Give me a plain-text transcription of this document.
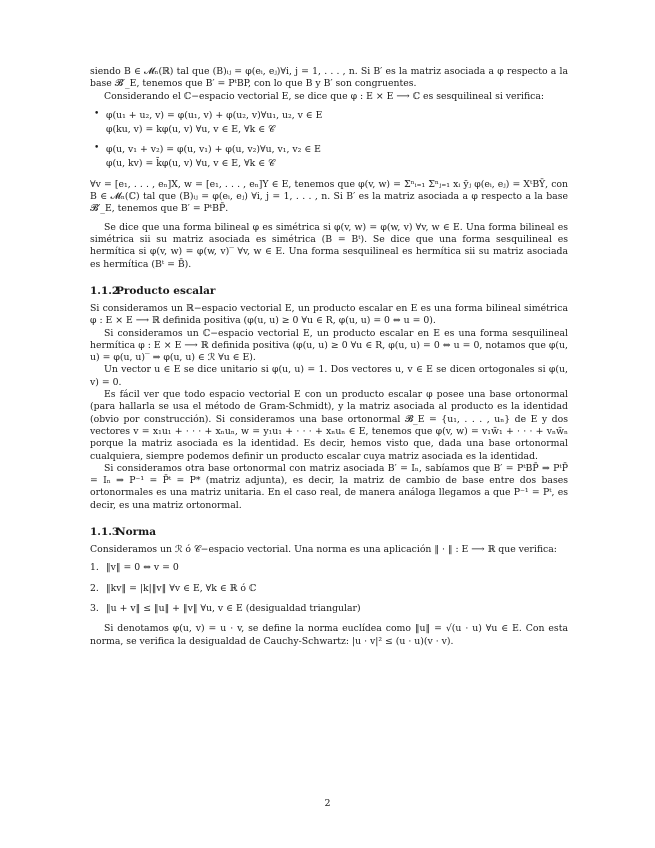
siendo B ∈ 𝓜ₙ(ℝ) tal que (B)ᵢⱼ = φ(eᵢ, eⱼ)∀i, j = 1, . . . , n. Si B′ es la matriz asociada a φ respecto a la base 𝓑′_E, tenemos que B′ = PᵗBP, con lo que B y B′ son congruentes.

Considerando el ℂ−espacio vectorial E, se dice que φ : E × E ⟶ ℂ es sesquilineal si verifica:

• φ(u₁ + u₂, v) = φ(u₁, v) + φ(u₂, v)∀u₁, u₂, v ∈ E

φ(ku, v) = kφ(u, v) ∀u, v ∈ E, ∀k ∈ 𝒞

• φ(u, v₁ + v₂) = φ(u, v₁) + φ(u, v₂)∀u, v₁, v₂ ∈ E

φ(u, kv) = k̄φ(u, v) ∀u, v ∈ E, ∀k ∈ 𝒞

∀v = [e₁, . . . , eₙ]X, w = [e₁, . . . , eₙ]Y ∈ E, tenemos que φ(v, w) = Σⁿᵢ₌₁ Σⁿⱼ₌₁ xᵢ ȳⱼ φ(eᵢ, eⱼ) = XᵗBȲ, con B ∈ 𝓜ₙ(ℂ) tal que (B)ᵢⱼ = φ(eᵢ, eⱼ) ∀i, j = 1, . . . , n. Si B′ es la matriz asociada a φ respecto a la base 𝓑′_E, tenemos que B′ = PᵗBP̄.

Se dice que una forma bilineal φ es simétrica si φ(v, w) = φ(w, v) ∀v, w ∈ E. Una forma bilineal es simétrica sii su matriz asociada es simétrica (B = Bᵗ). Se dice que una forma sesquilineal es hermítica si φ(v, w) = φ(w, v)‾ ∀v, w ∈ E. Una forma sesquilineal es hermítica sii su matriz asociada es hermítica (Bᵗ = B̄).

1.1.2Producto escalar

Si consideramos un ℝ−espacio vectorial E, un producto escalar en E es una forma bilineal simétrica φ : E × E ⟶ ℝ definida positiva (φ(u, u) ≥ 0 ∀u ∈ R, φ(u, u) = 0 ⇔ u = 0).

Si consideramos un ℂ−espacio vectorial E, un producto escalar en E es una forma sesquilineal hermítica φ : E × E ⟶ ℝ definida positiva (φ(u, u) ≥ 0 ∀u ∈ R, φ(u, u) = 0 ⇔ u = 0, notamos que φ(u, u) = φ(u, u)‾ ⇒ φ(u, u) ∈ ℛ ∀u ∈ E).

Un vector u ∈ E se dice unitario si φ(u, u) = 1. Dos vectores u, v ∈ E se dicen ortogonales si φ(u, v) = 0.

Es fácil ver que todo espacio vectorial E con un producto escalar φ posee una base ortonormal (para hallarla se usa el método de Gram-Schmidt), y la matriz asociada al producto es la identidad (obvio por construcción). Si consideramos una base ortonormal 𝓑_E = {u₁, . . . , uₙ} de E y dos vectores v = x₁u₁ + · · · + xₙuₙ, w = y₁u₁ + · · · + xₙuₙ ∈ E, tenemos que φ(v, w) = v₁w̄₁ + · · · + vₙw̄ₙ porque la matriz asociada es la identidad. Es decir, hemos visto que, dada una base ortonormal cualquiera, siempre podemos definir un producto escalar cuya matriz asociada es la identidad.

Si consideramos otra base ortonormal con matriz asociada B′ = Iₙ, sabíamos que B′ = PᵗBP̄ ⇒ PᵗP̄ = Iₙ ⇒ P⁻¹ = P̄ᵗ = P* (matriz adjunta), es decir, la matriz de cambio de base entre dos bases ortonormales es una matriz unitaria. En el caso real, de manera análoga llegamos a que P⁻¹ = Pᵗ, es decir, es una matriz ortonormal.

1.1.3Norma

Consideramos un ℛ ó 𝒞−espacio vectorial. Una norma es una aplicación ‖ · ‖ : E ⟶ ℝ que verifica:

1. ‖v‖ = 0 ⇔ v = 0

2. ‖kv‖ = |k|‖v‖ ∀v ∈ E, ∀k ∈ ℝ ó ℂ

3. ‖u + v‖ ≤ ‖u‖ + ‖v‖ ∀u, v ∈ E (desigualdad triangular)

Si denotamos φ(u, v) = u · v, se define la norma euclídea como ‖u‖ = √(u · u) ∀u ∈ E. Con esta norma, se verifica la desigualdad de Cauchy-Schwartz: |u · v|² ≤ (u · u)(v · v).

2
